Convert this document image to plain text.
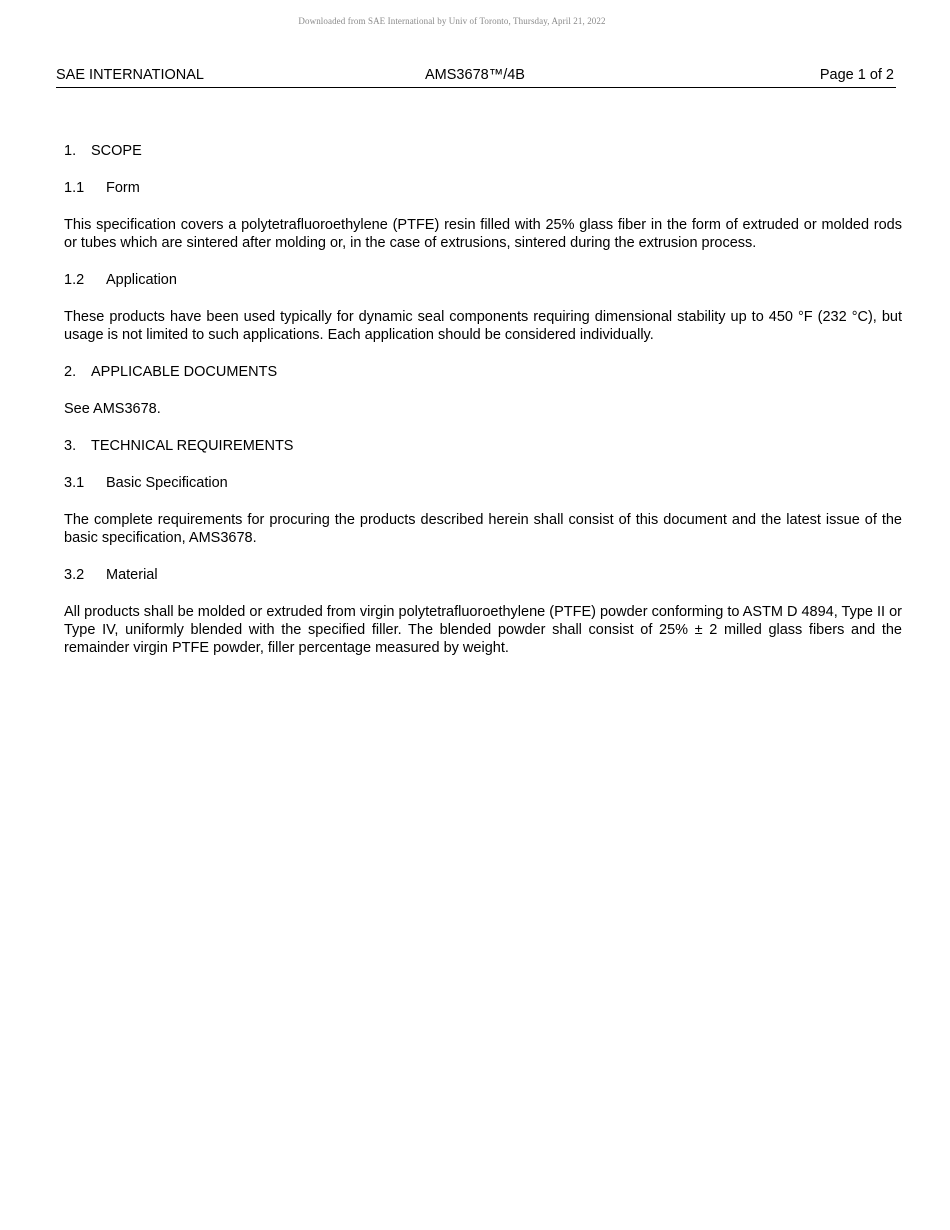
Downloaded from SAE International by Univ of Toronto, Thursday, April 21, 2022
AMS3678™/4B
SAE INTERNATIONAL	Page 1 of 2
1. SCOPE
1.1 Form

This specification covers a polytetrafluoroethylene (PTFE) resin filled with 25% glass fiber in the form of extruded or molded rods or tubes which are sintered after molding or, in the case of extrusions, sintered during the extrusion process.

1.2 Application

These products have been used typically for dynamic seal components requiring dimensional stability up to 450 °F (232 °C), but usage is not limited to such applications. Each application should be considered individually.

2. APPLICABLE DOCUMENTS

See AMS3678.

3. TECHNICAL REQUIREMENTS
3.1 Basic Specification

The complete requirements for procuring the products described herein shall consist of this document and the latest issue of the basic specification, AMS3678.

3.2 Material

All products shall be molded or extruded from virgin polytetrafluoroethylene (PTFE) powder conforming to ASTM D 4894, Type II or Type IV, uniformly blended with the specified filler. The blended powder shall consist of 25% ± 2 milled glass fibers and the remainder virgin PTFE powder, filler percentage measured by weight.
